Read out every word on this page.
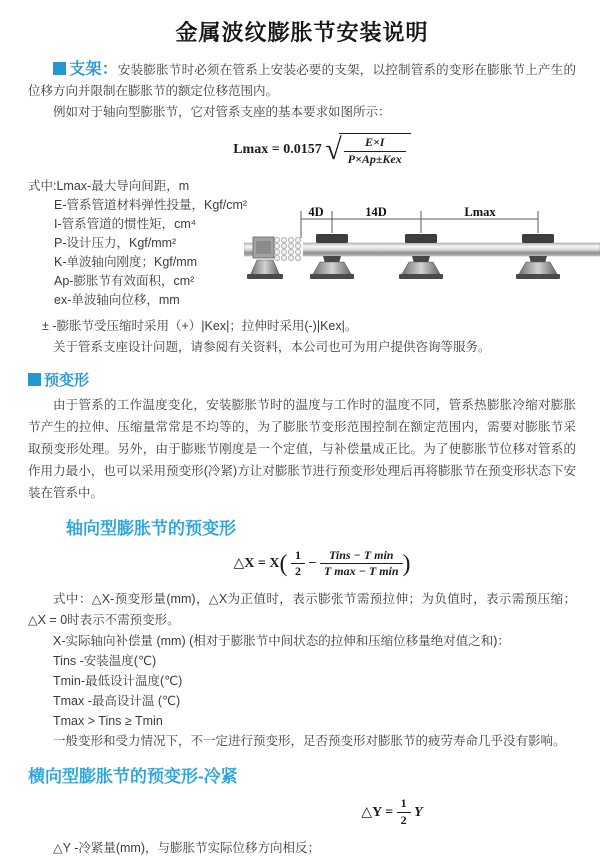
金属波纹膨胀节安装说明

支架：安装膨胀节时必须在管系上安装必要的支架，以控制管系的变形在膨胀节上产生的位移方向并限制在膨胀节的额定位移范围内。

例如对于轴向型膨胀节，它对管系支座的基本要求如图所示：

Lmax = 0.0157 √ $\frac{E\times I}{\text{P×Ap±Kex}}$

式中:Lmax-最大导向间距，m

E-管系管道材料弹性投量，Kgf/cm²

I-管系管道的惯性矩，cm⁴

P-设计压力，Kgf/mm²

K-单波轴向刚度；Kgf/mm

Ap-膨胀节有效面积，cm²

ex-单波轴向位移，mm

4D	14D	Lmax

± -膨胀节受压缩时采用（+）|Kex|；拉伸时采用(-)|Kex|。

关于管系支座设计问题，请参阅有关资料，本公司也可为用户提供咨询等服务。

预变形

由于管系的工作温度变化，安装膨胀节时的温度与工作时的温度不同，管系热膨胀冷缩对膨胀节产生的拉伸、压缩量常常是不均等的，为了膨胀节变形范围控制在额定范围内，需要对膨胀节采取预变形处理。另外，由于膨账节刚度是一个定值，与补偿量成正比。为了使膨胀节位移对管系的作用力最小，也可以采用预变形(冷紧)方让对膨胀节进行预变形处理后再将膨胀节在预变形状态下安装在管系中。

轴向型膨胀节的预变形

△X = $X( \frac{1}{2} - \frac{\text{Tins − T min}}{\text{T max − T min}}$ )

式中：△X-预变形量(mm)，△X为正值时，表示膨张节需预拉伸；为负值时，表示需预压缩；△X = 0时表示不需预变形。

X-实际轴向补偿量 (mm) (相对于膨胀节中间状态的拉伸和压缩位移量绝对值之和)：

Tins -安装温度(℃)

Tmin-最低设计温度(℃)

Tmax -最高设计温 (℃)

Tmax > Tins ≥ Tmin

一般变形和受力情况下，不一定进行预变形，足否预变形对膨胀节的疲劳寿命几乎没有影响。

横向型膨胀节的预变形-冷紧

△Y = $\frac{1}{2}$ Y

△Y -冷紧量(mm)，与膨胀节实际位移方向相反；
